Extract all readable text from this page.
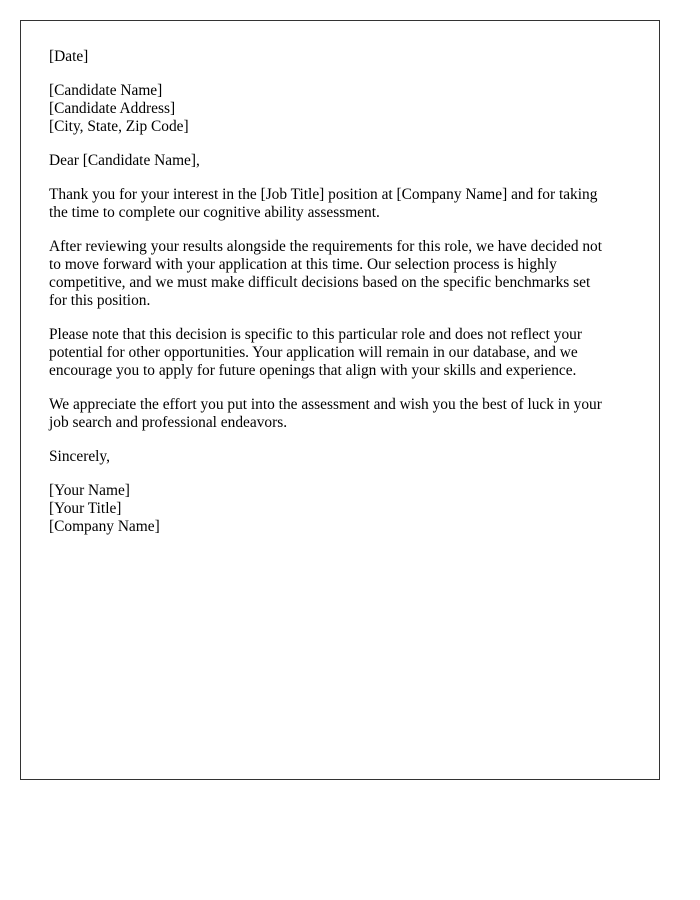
[Date]
[Candidate Name]
[Candidate Address]
[City, State, Zip Code]
Dear [Candidate Name],
Thank you for your interest in the [Job Title] position at [Company Name] and for taking
the time to complete our cognitive ability assessment.
After reviewing your results alongside the requirements for this role, we have decided not
to move forward with your application at this time. Our selection process is highly
competitive, and we must make difficult decisions based on the specific benchmarks set
for this position.
Please note that this decision is specific to this particular role and does not reflect your
potential for other opportunities. Your application will remain in our database, and we
encourage you to apply for future openings that align with your skills and experience.
We appreciate the effort you put into the assessment and wish you the best of luck in your
job search and professional endeavors.
Sincerely,
[Your Name]
[Your Title]
[Company Name]
